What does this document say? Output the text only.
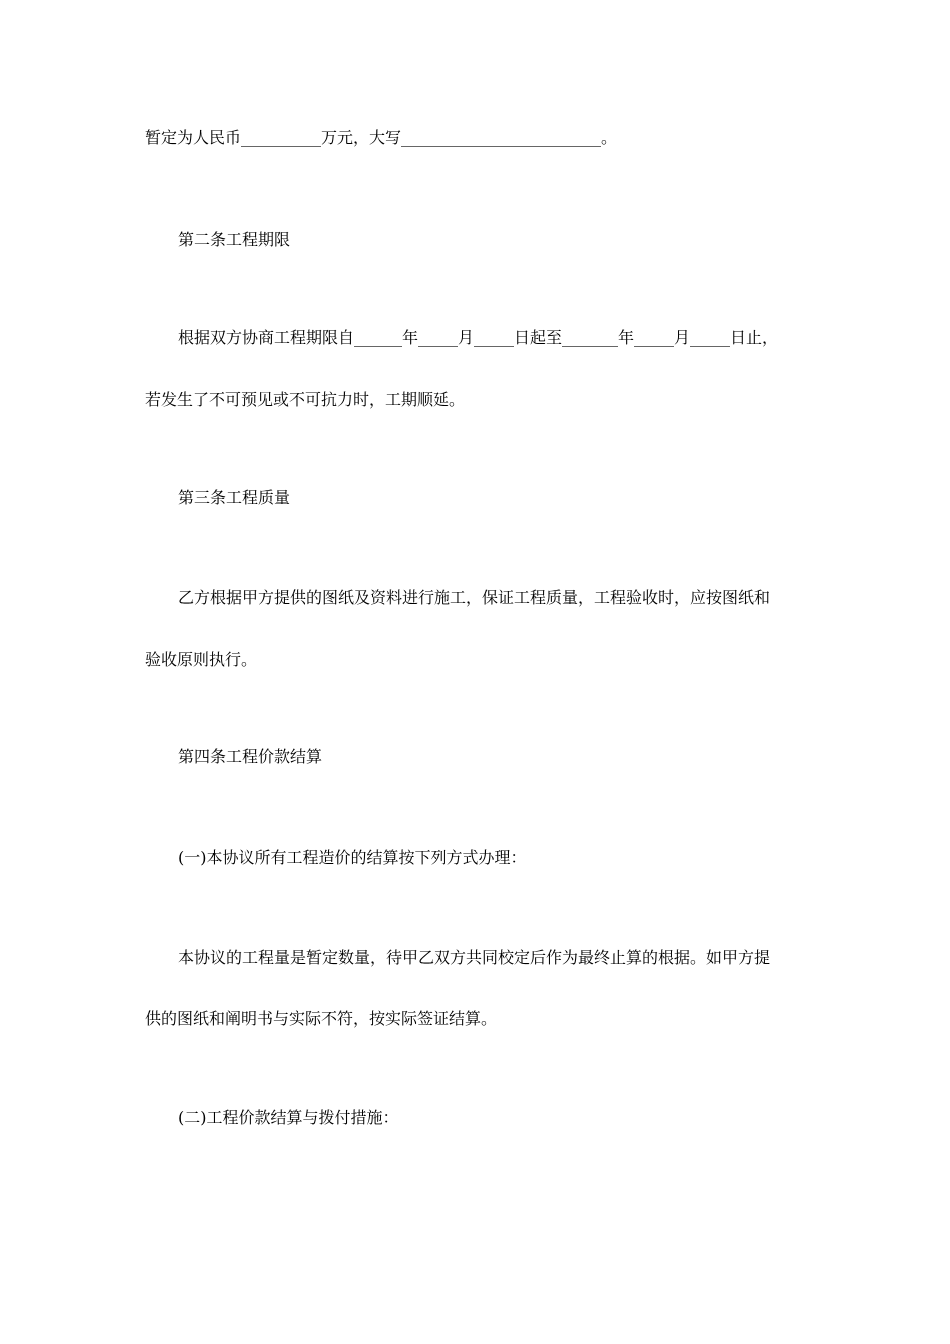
暂定为人民币__________万元，大写_________________________。
第二条工程期限
根据双方协商工程期限自______年_____月_____日起至_______年_____月_____日止，
若发生了不可预见或不可抗力时，工期顺延。
第三条工程质量
乙方根据甲方提供的图纸及资料进行施工，保证工程质量，工程验收时，应按图纸和
验收原则执行。
第四条工程价款结算
(一)本协议所有工程造价的结算按下列方式办理：
本协议的工程量是暂定数量，待甲乙双方共同校定后作为最终止算的根据。如甲方提
供的图纸和阐明书与实际不符，按实际签证结算。
(二)工程价款结算与拨付措施：
